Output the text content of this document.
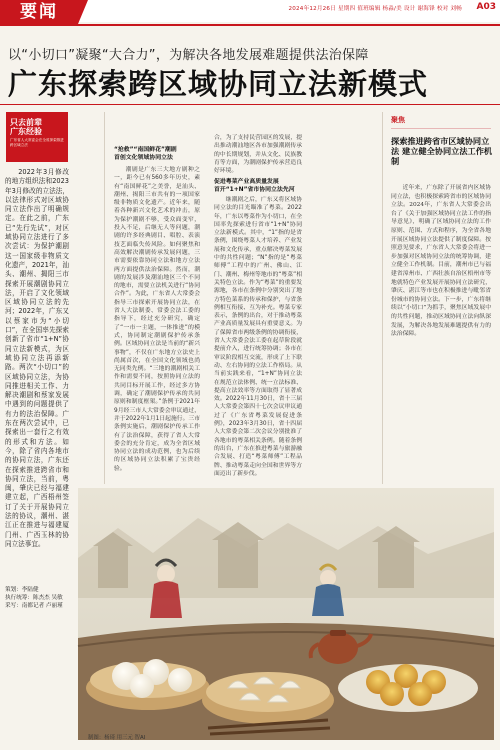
要闻	2024年12月26日 星期四 值班编辑 杨淼/美 设计 谢海锋 校对 刘畅 A03
以“小切口”凝聚“大合力”，为解决各地发展难题提供法治保障
广东探索跨区域协同立法新模式
只去前辈
广东经验
广东省人大常委会在全省探索推进跨区域立法

2022年3月修改的地方组织法和2023年3月修改的立法法，以法律形式对区域协同立法作出了明确规定。在此之前，广东已“先行先试”，对区域协同立法进行了多次尝试：为保护潮剧这一国家级非物质文化遗产，2021年，汕头、潮州、揭阳三市探索开展潮剧协同立法，开启了文化领域区域协同立法的先河；2022年，广东又以蔡家市为“小切口”，在全国率先探索创新了省市“1+N”协同立法新模式，为区域协同立法再添新路。两次“小切口”的区域协同立法，为协同推进相关工作、力解决潮剧和蔡家发展中遇到的问题提供了有力的法治保障。广东在两次尝试中，已探索出一套行之有效的形式和方法。如今，除了省内各地市的协同立法，广东还在探索推进跨省市和协同立法，当前，粤闽，肇庆已经与福建建立起，广西梧州签订了关于开展协同立法的协议，潮州、湛江正在推进与福建厦门州、广西玉林的协同立法事宜。

策划：李陆健
执行统筹：陈杰杰 吴敏
采写：南都记者 卢丽瑾
“抢救”“南国鲜花”潮剧
首创文化领域协同立法

潮剧是广东三大地方剧种之一，距今已有560多年历史，素有“南国鲜花”之美誉，是汕头、潮州、揭阳三市共有的一项国家级非物质文化遗产。近年来，随着各种新兴文化艺术的冲击，原为保护潮剧不够，受众面变窄，投入不足，后继无人等问题，潮剧的许多经典剧目、唱腔、表演技艺面临失传风险。如何聚焦和高效解决潮剧传承发展问题，三市需要依靠协同立法和地方立法两方面提供法治保障。然而，潮剧的发展涉及潮汕地区三个不同的地市，需要立法机关进行“协同合作”。为此，广东省人大常委会指导三市探索开展协同立法，在省人大法制委、常委会法工委的指导下，经过充分研究，确定了“一市一主题，一体推进”的模式，协同制定潮剧保护传承条例。区域协同立法是当前的“新兴事物”，不仅在广东地方立法史上尚属首次，在全国文化领域也尚无同类先例。“三地的潮剧相关工作和需要不同，按照协同立法的共同目标开展工作，经过多方协调，确定了潮剧保护传承的共同原则和制度框架。”条例于2021年9月经三市人大常委会审议通过，并于2022年1月1日起施行。三市条例实施后，潮剧保护传承工作有了法治保障，获得了省人大常委会的充分肯定，成为全省区域协同立法的成功范例，也为后续的区域协同立法积累了宝贵经验。

合，为了支持民营园区的发展，提出推动潮汕地区各市加强潮剧传承的中长期规划，并从文化、民族教育等方面，为潮剧保护传承营造良好环境。

促进粤菜产业高质量发展
首开“1+N”省市协同立法先河

继潮剧之后，广东又将区域协同立法的目光瞄准了粤菜。2022年，广东以粤菜作为小切口，在全国率先探索进行省市“1+N”协同立法新模式。其中，“1”指的是省条例，围绕粤菜人才培养、产业发展和文化传承，重点解决粤菜发展中的共性问题；“N”指的是“粤菜师傅”工程中的广州、佛山、江门、潮州、梅州等地市的“粤菜”相关特色立法。作为“粤菜”的重要发源地，各市在条例中分别突出了地方特色菜系的传承和保护，与省条例相互衔接、互为补充。粤菜专家表示，条例的出台，对于推动粤菜产业高质量发展具有重要意义。为了保障省市两级条例的协调衔接，省人大常委会法工委在起草阶段就提前介入，进行统筹协调；各市在审议阶段相互交流，形成了上下联动、左右协同的立法工作格局。从当前实践来看，“1+N”协同立法在规范立法体例、统一立法标准、提高立法效率等方面取得了显著成效。2022年11月30日，省十三届人大常委会第四十七次会议审议通过了《广东省粤菜发展促进条例》，2023年3月30日，省十四届人大常委会第二次会议分别批准了各地市的粤菜相关条例。随着条例的出台，广东在推进粤菜与旅游融合发展、打造“粤菜师傅”工程品牌、推动粤菜走向全国和世界等方面迈出了新步伐。

聚焦
探索推进跨省市区域协同立法 建立健全协同立法工作机制

近年来，广东除了开展省内区域协同立法，也积极探索跨省市的区域协同立法。2024年，广东省人大常委会出台了《关于加强区域协同立法工作的指导意见》，明确了区域协同立法的工作原则、范围、方式和程序，为全省各地开展区域协同立法提供了制度保障。按照意见要求，广东省人大常委会将进一步加强对区域协同立法的统筹协调，建立健全工作机制。目前，潮州市已与福建省漳州市、广西壮族自治区梧州市等地就特色产业发展开展协同立法研究，肇庆、湛江等市也在积极推进与毗邻省份城市的协同立法。下一步，广东将继续以“小切口”为抓手，聚焦区域发展中的共性问题，推动区域协同立法向纵深发展，为解决各地发展难题提供有力的法治保障。

制图：杨琦 用三元 智AI
